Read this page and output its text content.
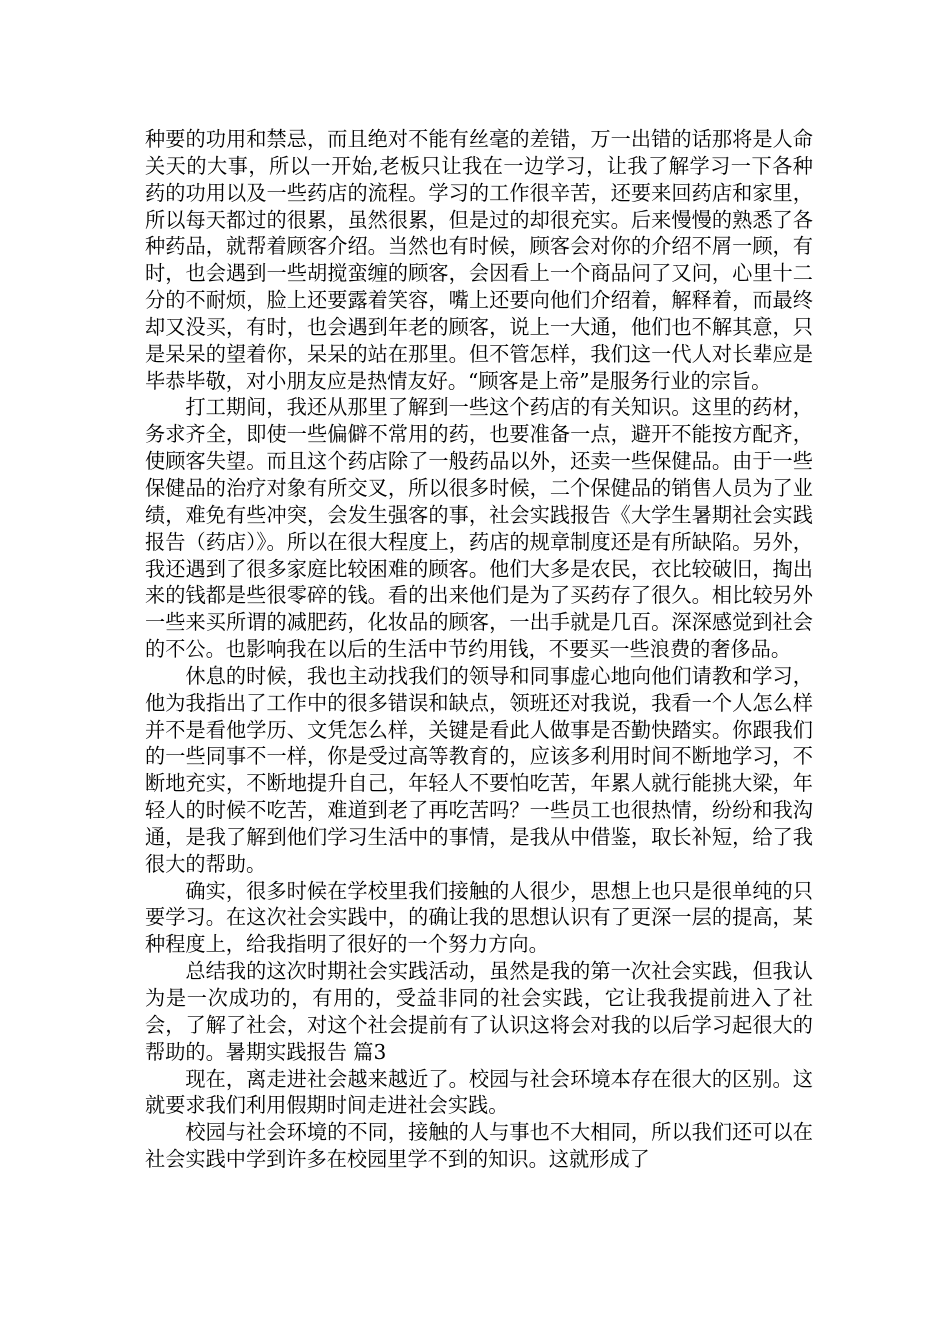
种要的功用和禁忌，而且绝对不能有丝毫的差错，万一出错的话那将是人命关天的大事，所以一开始,老板只让我在一边学习，让我了解学习一下各种药的功用以及一些药店的流程。学习的工作很辛苦，还要来回药店和家里，所以每天都过的很累，虽然很累，但是过的却很充实。后来慢慢的熟悉了各种药品，就帮着顾客介绍。当然也有时候，顾客会对你的介绍不屑一顾，有时，也会遇到一些胡搅蛮缠的顾客，会因看上一个商品问了又问，心里十二分的不耐烦，脸上还要露着笑容，嘴上还要向他们介绍着，解释着，而最终却又没买，有时，也会遇到年老的顾客，说上一大通，他们也不解其意，只是呆呆的望着你，呆呆的站在那里。但不管怎样，我们这一代人对长辈应是毕恭毕敬，对小朋友应是热情友好。“顾客是上帝”是服务行业的宗旨。

打工期间，我还从那里了解到一些这个药店的有关知识。这里的药材，务求齐全，即使一些偏僻不常用的药，也要准备一点，避开不能按方配齐，使顾客失望。而且这个药店除了一般药品以外，还卖一些保健品。由于一些保健品的治疗对象有所交叉，所以很多时候，二个保健品的销售人员为了业绩，难免有些冲突，会发生强客的事，社会实践报告《大学生暑期社会实践报告（药店）》。所以在很大程度上，药店的规章制度还是有所缺陷。另外，我还遇到了很多家庭比较困难的顾客。他们大多是农民，衣比较破旧，掏出来的钱都是些很零碎的钱。看的出来他们是为了买药存了很久。相比较另外一些来买所谓的减肥药，化妆品的顾客，一出手就是几百。深深感觉到社会的不公。也影响我在以后的生活中节约用钱，不要买一些浪费的奢侈品。

休息的时候，我也主动找我们的领导和同事虚心地向他们请教和学习，他为我指出了工作中的很多错误和缺点，领班还对我说，我看一个人怎么样并不是看他学历、文凭怎么样，关键是看此人做事是否勤快踏实。你跟我们的一些同事不一样，你是受过高等教育的，应该多利用时间不断地学习，不断地充实，不断地提升自己，年轻人不要怕吃苦，年累人就行能挑大梁，年轻人的时候不吃苦，难道到老了再吃苦吗？一些员工也很热情，纷纷和我沟通，是我了解到他们学习生活中的事情，是我从中借鉴，取长补短，给了我很大的帮助。

确实，很多时候在学校里我们接触的人很少，思想上也只是很单纯的只要学习。在这次社会实践中，的确让我的思想认识有了更深一层的提高，某种程度上，给我指明了很好的一个努力方向。

总结我的这次时期社会实践活动，虽然是我的第一次社会实践，但我认为是一次成功的，有用的，受益非同的社会实践，它让我我提前进入了社会，了解了社会，对这个社会提前有了认识这将会对我的以后学习起很大的帮助的。暑期实践报告 篇3

现在，离走进社会越来越近了。校园与社会环境本存在很大的区别。这就要求我们利用假期时间走进社会实践。

校园与社会环境的不同，接触的人与事也不大相同，所以我们还可以在社会实践中学到许多在校园里学不到的知识。这就形成了
